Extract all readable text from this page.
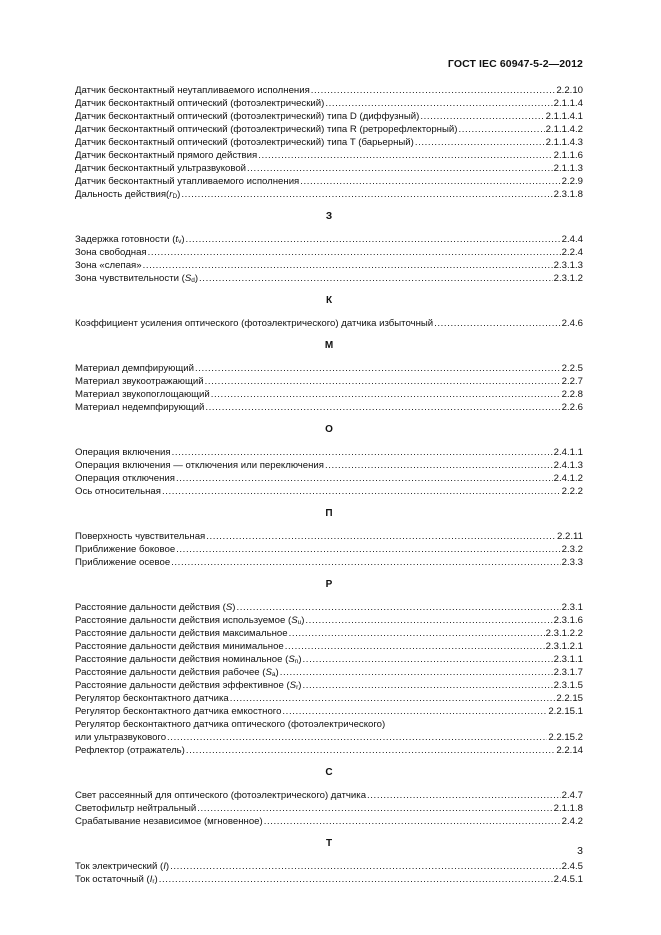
ГОСТ IEC 60947-5-2—2012
Датчик бесконтактный неутапливаемого исполнения .....	2.2.10
Датчик бесконтактный оптический (фотоэлектрический) .....	2.1.1.4
Датчик бесконтактный оптический (фотоэлектрический) типа D (диффузный) .....	2.1.1.4.1
Датчик бесконтактный оптический (фотоэлектрический) типа R (ретрорефлекторный) .....	2.1.1.4.2
Датчик бесконтактный оптический (фотоэлектрический) типа T (барьерный) .....	2.1.1.4.3
Датчик бесконтактный прямого действия .....	2.1.1.6
Датчик бесконтактный ультразвуковой .....	2.1.1.3
Датчик бесконтактный утапливаемого исполнения .....	2.2.9
Дальность $действия(r_D)$ .....	2.3.1.8
З
Задержка готовности $(t_v)$ .....	2.4.4
Зона свободная .....	2.2.4
Зона «слепая» .....	2.3.1.3
Зона чувствительности $(S_d)$ .....	2.3.1.2
К
Коэффициент усиления оптического (фотоэлектрического) датчика избыточный .....	2.4.6
М
Материал демпфирующий .....	2.2.5
Материал звукоотражающий .....	2.2.7
Материал звукопоглощающий .....	2.2.8
Материал недемпфирующий .....	2.2.6
О
Операция включения .....	2.4.1.1
Операция включения — отключения или переключения .....	2.4.1.3
Операция отключения .....	2.4.1.2
Ось относительная .....	2.2.2
П
Поверхность чувствительная .....	2.2.11
Приближение боковое .....	2.3.2
Приближение осевое .....	2.3.3
Р
Расстояние дальности действия (S) .....	2.3.1
Расстояние дальности действия используемое $(S_u)$ .....	2.3.1.6
Расстояние дальности действия максимальное .....	2.3.1.2.2
Расстояние дальности действия минимальное .....	2.3.1.2.1
Расстояние дальности действия номинальное $(S_n)$ .....	2.3.1.1
Расстояние дальности действия рабочее $(S_a)$ .....	2.3.1.7
Расстояние дальности действия эффективное $(S_r)$ .....	2.3.1.5
Регулятор бесконтактного датчика .....	2.2.15
Регулятор бесконтактного датчика емкостного .....	2.2.15.1
Регулятор бесконтактного датчика оптического (фотоэлектрического)
или ультразвукового .....	2.2.15.2
Рефлектор (отражатель) .....	2.2.14
С
Свет рассеянный для оптического (фотоэлектрического) датчика .....	2.4.7
Светофильтр нейтральный .....	2.1.1.8
Срабатывание независимое (мгновенное) .....	2.4.2
Т
Ток электрический (I) .....	2.4.5
Ток остаточный $(I_r)$ .....	2.4.5.1
3
